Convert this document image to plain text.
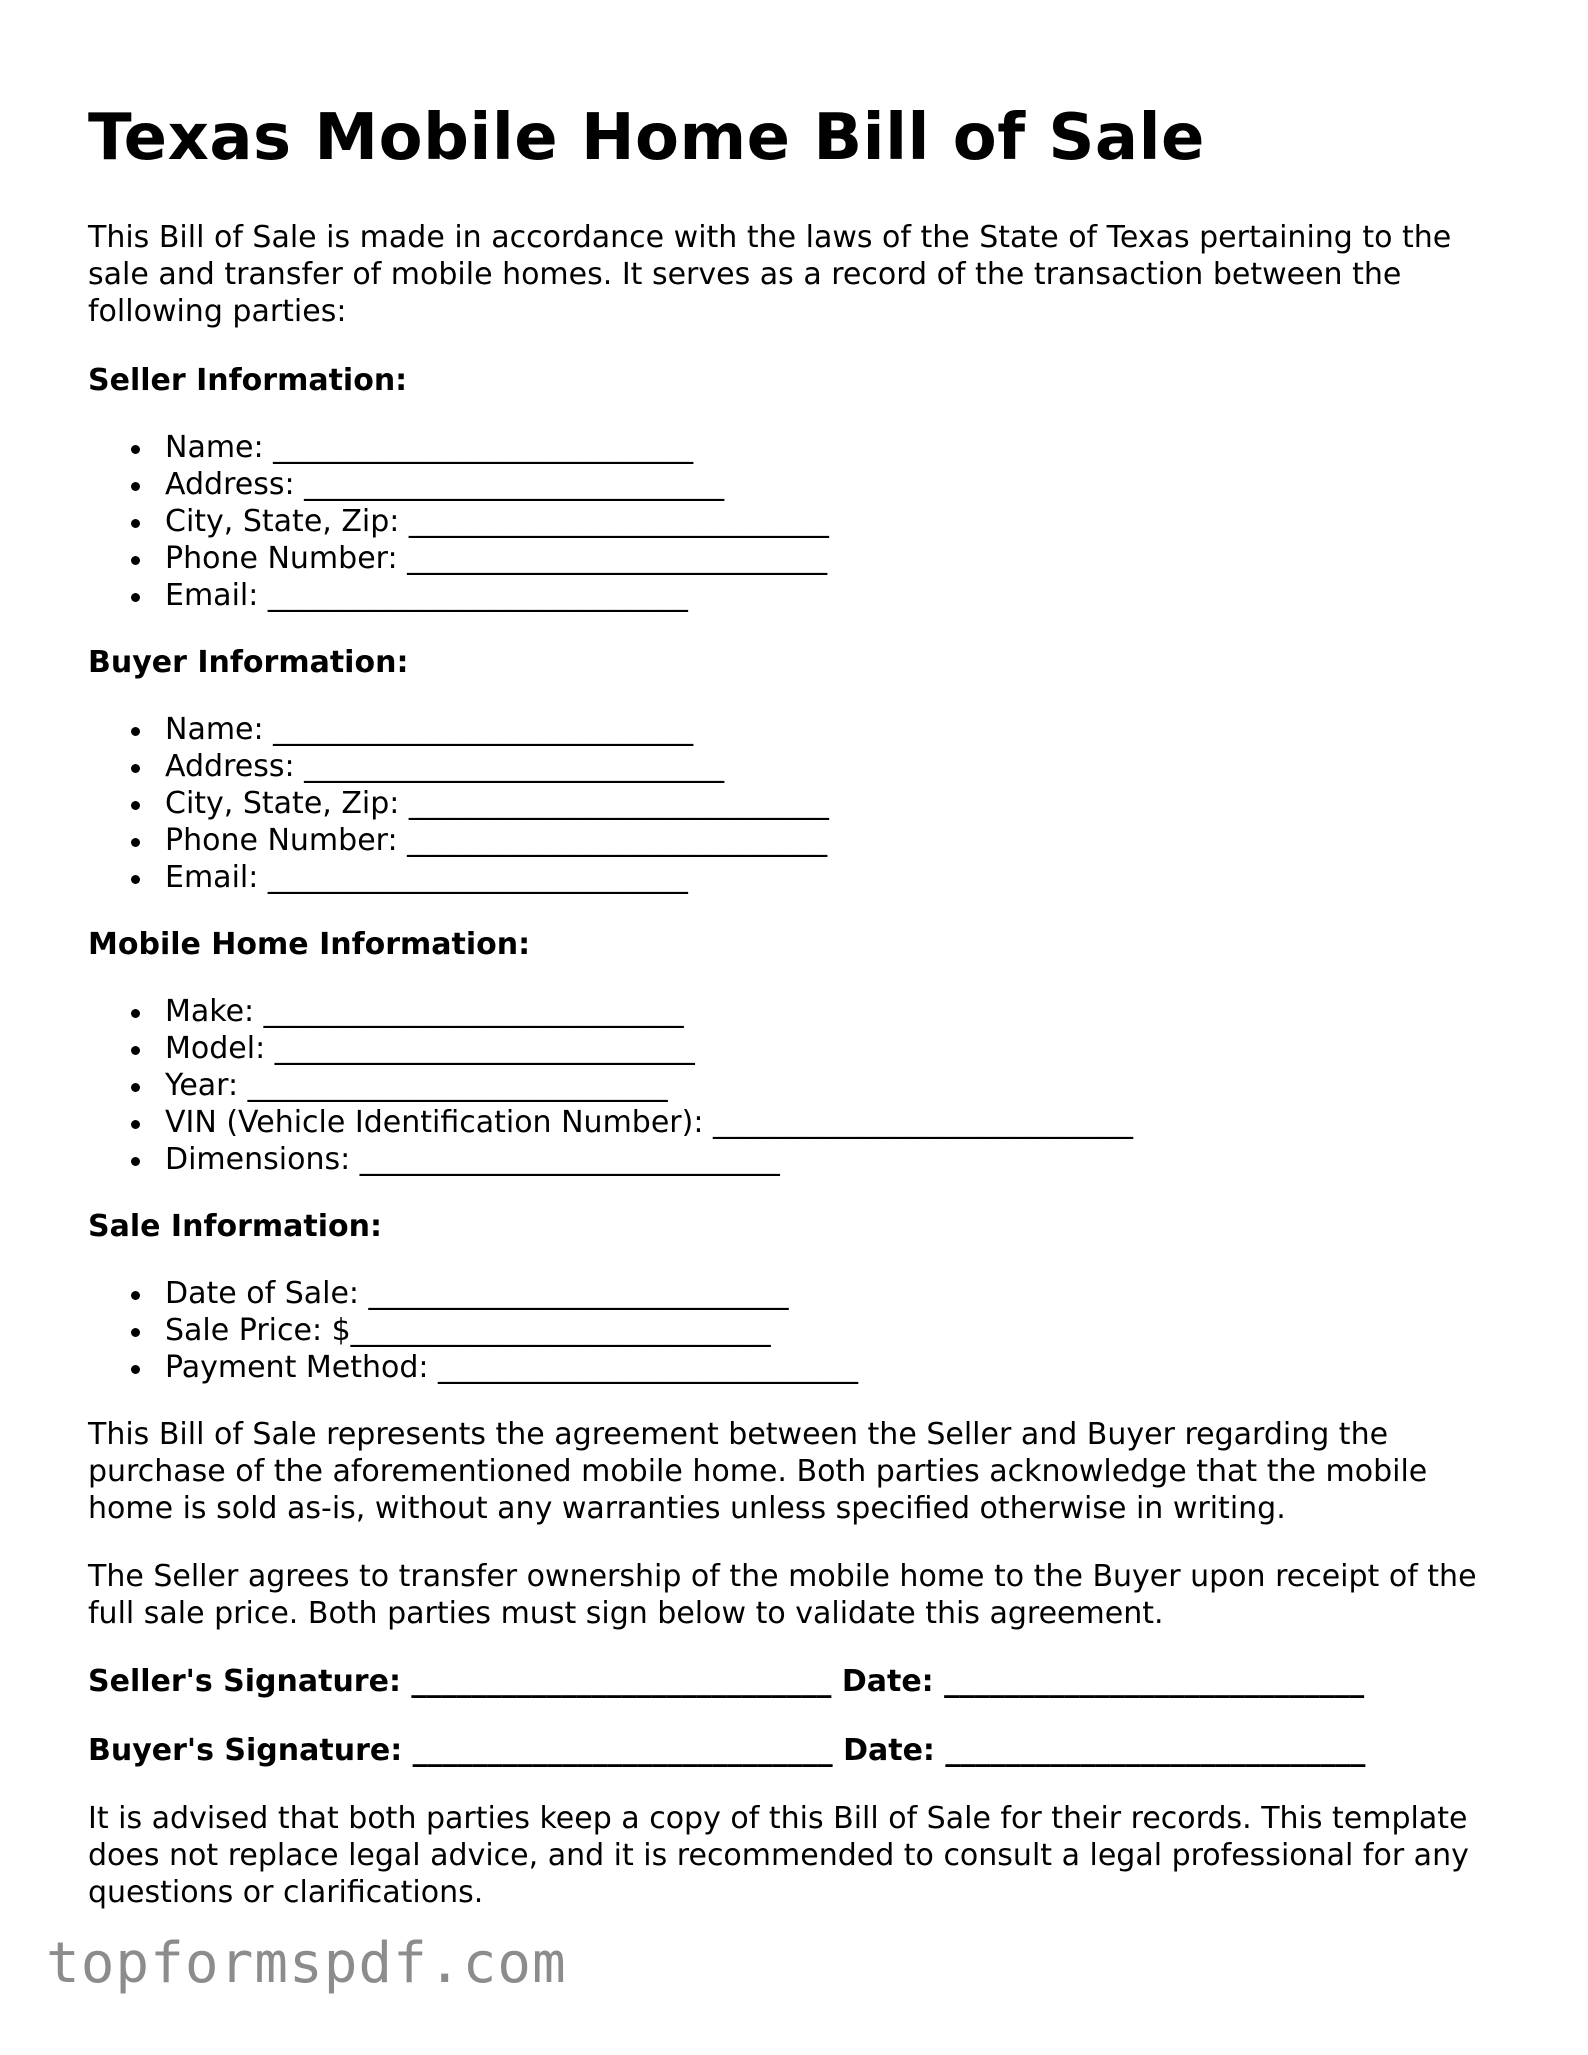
Texas Mobile Home Bill of Sale

This Bill of Sale is made in accordance with the laws of the State of Texas pertaining to the sale and transfer of mobile homes. It serves as a record of the transaction between the following parties:

Seller Information:
Name: ____________________________
Address: ____________________________
City, State, Zip: ____________________________
Phone Number: ____________________________
Email: ____________________________
Buyer Information:
Name: ____________________________
Address: ____________________________
City, State, Zip: ____________________________
Phone Number: ____________________________
Email: ____________________________
Mobile Home Information:
Make: ____________________________
Model: ____________________________
Year: ____________________________
VIN (Vehicle Identification Number): ____________________________
Dimensions: ____________________________
Sale Information:
Date of Sale: ____________________________
Sale Price: $____________________________
Payment Method: ____________________________

This Bill of Sale represents the agreement between the Seller and Buyer regarding the purchase of the aforementioned mobile home. Both parties acknowledge that the mobile home is sold as-is, without any warranties unless specified otherwise in writing.

The Seller agrees to transfer ownership of the mobile home to the Buyer upon receipt of the full sale price. Both parties must sign below to validate this agreement.

Seller's Signature: ____________________________ Date: ____________________________
Buyer's Signature: ____________________________ Date: ____________________________

It is advised that both parties keep a copy of this Bill of Sale for their records. This template does not replace legal advice, and it is recommended to consult a legal professional for any questions or clarifications.

topformspdf.com
